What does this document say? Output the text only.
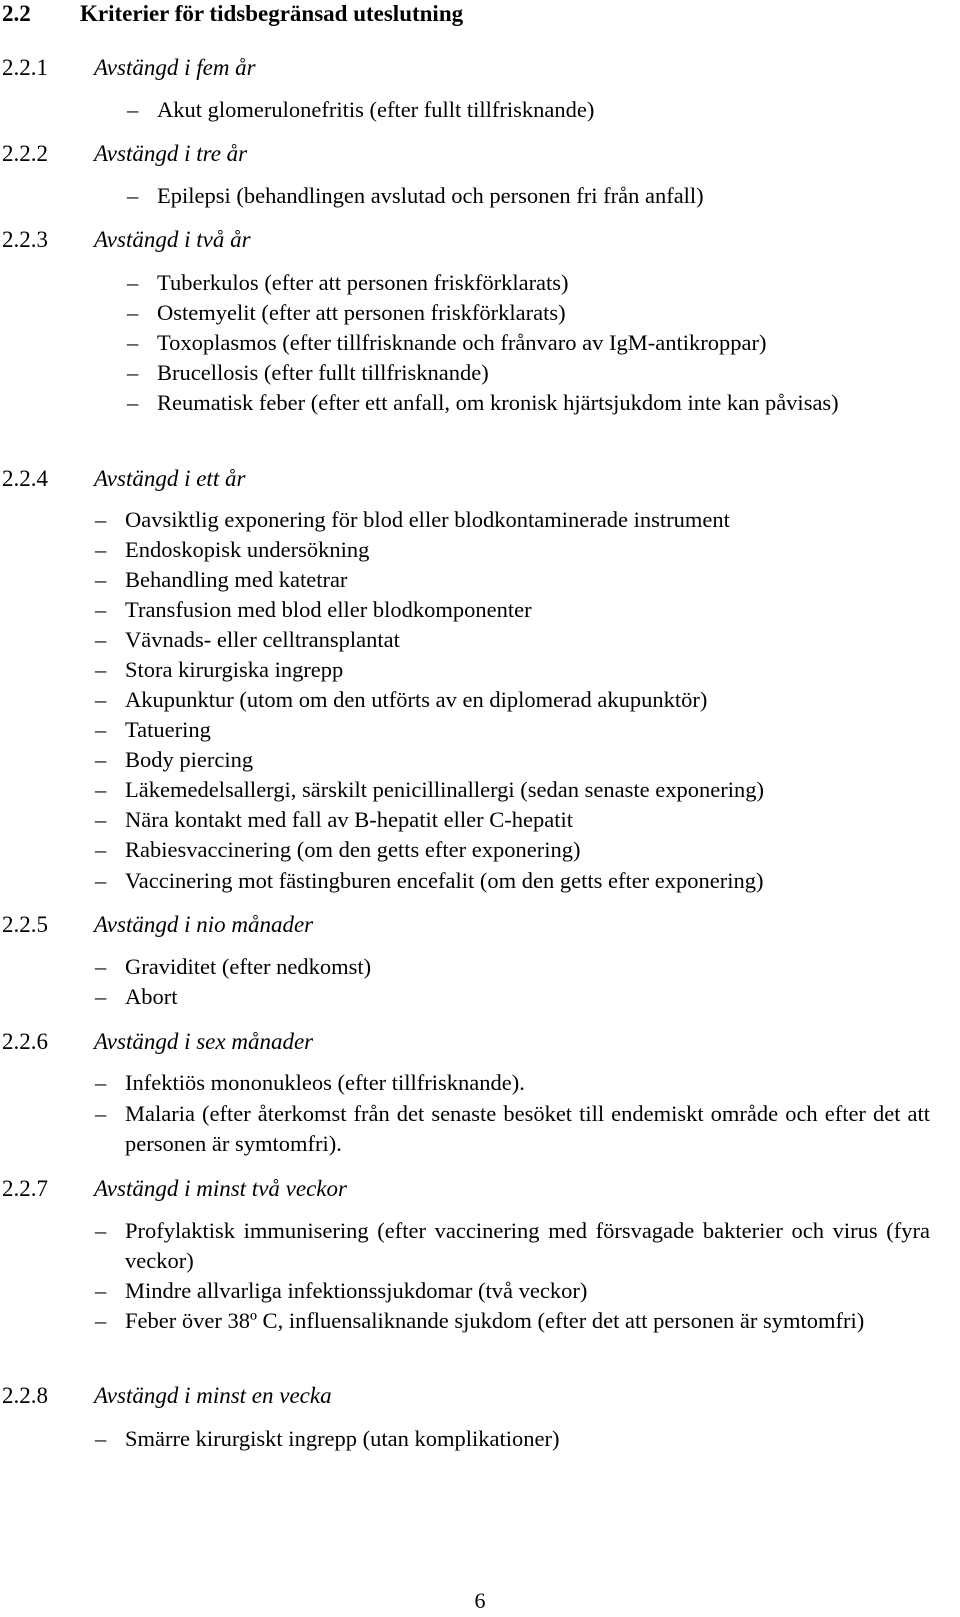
2.2 Kriterier för tidsbegränsad uteslutning
2.2.1 Avstängd i fem år
– Akut glomerulonefritis (efter fullt tillfrisknande)
2.2.2 Avstängd i tre år
– Epilepsi (behandlingen avslutad och personen fri från anfall)
2.2.3 Avstängd i två år
– Tuberkulos (efter att personen friskförklarats)
– Ostemyelit (efter att personen friskförklarats)
– Toxoplasmos (efter tillfrisknande och frånvaro av IgM-antikroppar)
– Brucellosis (efter fullt tillfrisknande)
– Reumatisk feber (efter ett anfall, om kronisk hjärtsjukdom inte kan påvisas)
2.2.4 Avstängd i ett år
– Oavsiktlig exponering för blod eller blodkontaminerade instrument
– Endoskopisk undersökning
– Behandling med katetrar
– Transfusion med blod eller blodkomponenter
– Vävnads- eller celltransplantat
– Stora kirurgiska ingrepp
– Akupunktur (utom om den utförts av en diplomerad akupunktör)
– Tatuering
– Body piercing
– Läkemedelsallergi, särskilt penicillinallergi (sedan senaste exponering)
– Nära kontakt med fall av B-hepatit eller C-hepatit
– Rabiesvaccinering (om den getts efter exponering)
– Vaccinering mot fästingburen encefalit (om den getts efter exponering)
2.2.5 Avstängd i nio månader
– Graviditet (efter nedkomst)
– Abort
2.2.6 Avstängd i sex månader
– Infektiös mononukleos (efter tillfrisknande).
– Malaria (efter återkomst från det senaste besöket till endemiskt område och efter det att personen är symtomfri).
2.2.7 Avstängd i minst två veckor
– Profylaktisk immunisering (efter vaccinering med försvagade bakterier och virus (fyra veckor)
– Mindre allvarliga infektionssjukdomar (två veckor)
– Feber över 38º C, influensaliknande sjukdom (efter det att personen är symtomfri)
2.2.8 Avstängd i minst en vecka
– Smärre kirurgiskt ingrepp (utan komplikationer)
6
